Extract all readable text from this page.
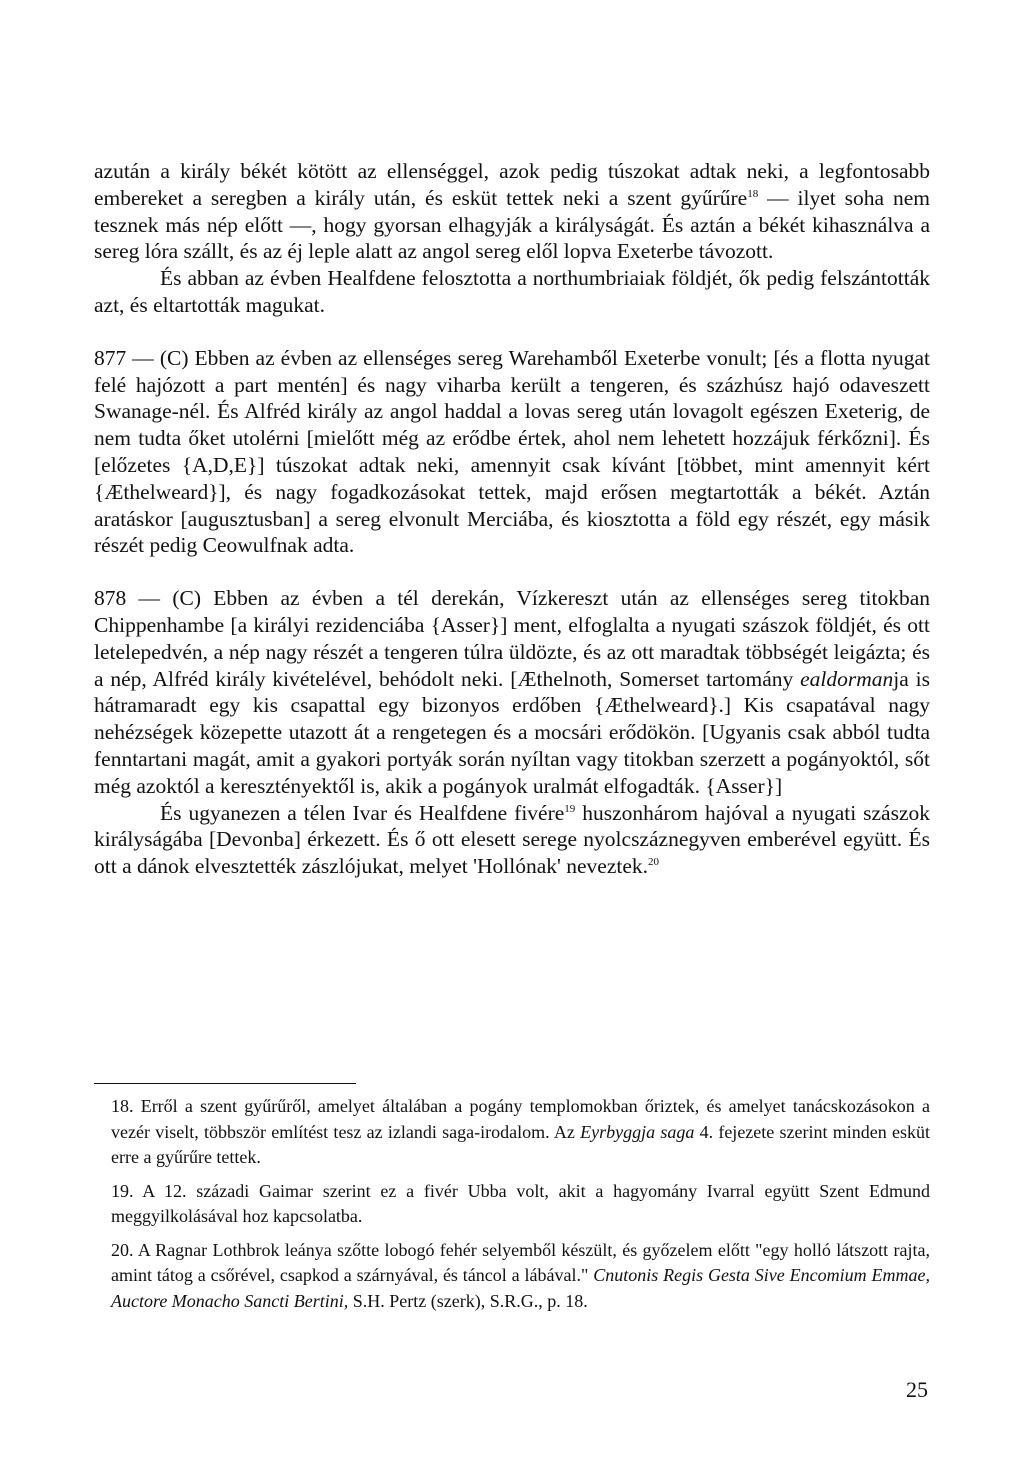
azután a király békét kötött az ellenséggel, azok pedig túszokat adtak neki, a legfontosabb embereket a seregben a király után, és esküt tettek neki a szent gyűrűre$^{18}$ — ilyet soha nem tesznek más nép előtt —, hogy gyorsan elhagyják a királyságát. És aztán a békét kihasználva a sereg lóra szállt, és az éj leple alatt az angol sereg elől lopva Exeterbe távozott.

És abban az évben Healfdene felosztotta a northumbriaiak földjét, ők pedig felszántották azt, és eltartották magukat.

877 — (C) Ebben az évben az ellenséges sereg Warehamből Exeterbe vonult; [és a flotta nyugat felé hajózott a part mentén] és nagy viharba került a tengeren, és százhúsz hajó odaveszett Swanage-nél. És Alfréd király az angol haddal a lovas sereg után lovagolt egészen Exeterig, de nem tudta őket utolérni [mielőtt még az erődbe értek, ahol nem lehetett hozzájuk férkőzni]. És [előzetes {A,D,E}] túszokat adtak neki, amennyit csak kívánt [többet, mint amennyit kért {Æthelweard}], és nagy fogadkozásokat tettek, majd erősen megtartották a békét. Aztán aratáskor [augusztusban] a sereg elvonult Merciába, és kiosztotta a föld egy részét, egy másik részét pedig Ceowulfnak adta.

878 — (C) Ebben az évben a tél derekán, Vízkereszt után az ellenséges sereg titokban Chippenhambe [a királyi rezidenciába {Asser}] ment, elfoglalta a nyugati szászok földjét, és ott letelepedvén, a nép nagy részét a tengeren túlra üldözte, és az ott maradtak többségét leigázta; és a nép, Alfréd király kivételével, behódolt neki. [Æthelnoth, Somerset tartomány ealdormanja is hátramaradt egy kis csapattal egy bizonyos erdőben {Æthelweard}.] Kis csapatával nagy nehézségek közepette utazott át a rengetegen és a mocsári erődökön. [Ugyanis csak abból tudta fenntartani magát, amit a gyakori portyák során nyíltan vagy titokban szerzett a pogányoktól, sőt még azoktól a keresztényektől is, akik a pogányok uralmát elfogadták. {Asser}]

És ugyanezen a télen Ivar és Healfdene fivére$^{19}$ huszonhárom hajóval a nyugati szászok királyságába [Devonba] érkezett. És ő ott elesett serege nyolcszáznegyven emberével együtt. És ott a dánok elvesztették zászlójukat, melyet 'Hollónak' neveztek.$^{20}$

18. Erről a szent gyűrűről, amelyet általában a pogány templomokban őriztek, és amelyet tanácskozásokon a vezér viselt, többször említést tesz az izlandi saga-irodalom. Az Eyrbyggja saga 4. fejezete szerint minden esküt erre a gyűrűre tettek.

19. A 12. századi Gaimar szerint ez a fivér Ubba volt, akit a hagyomány Ivarral együtt Szent Edmund meggyilkolásával hoz kapcsolatba.

20. A Ragnar Lothbrok leánya szőtte lobogó fehér selyemből készült, és győzelem előtt "egy holló látszott rajta, amint tátog a csőrével, csapkod a szárnyával, és táncol a lábával." Cnutonis Regis Gesta Sive Encomium Emmae, Auctore Monacho Sancti Bertini, S.H. Pertz (szerk), S.R.G., p. 18.

25
